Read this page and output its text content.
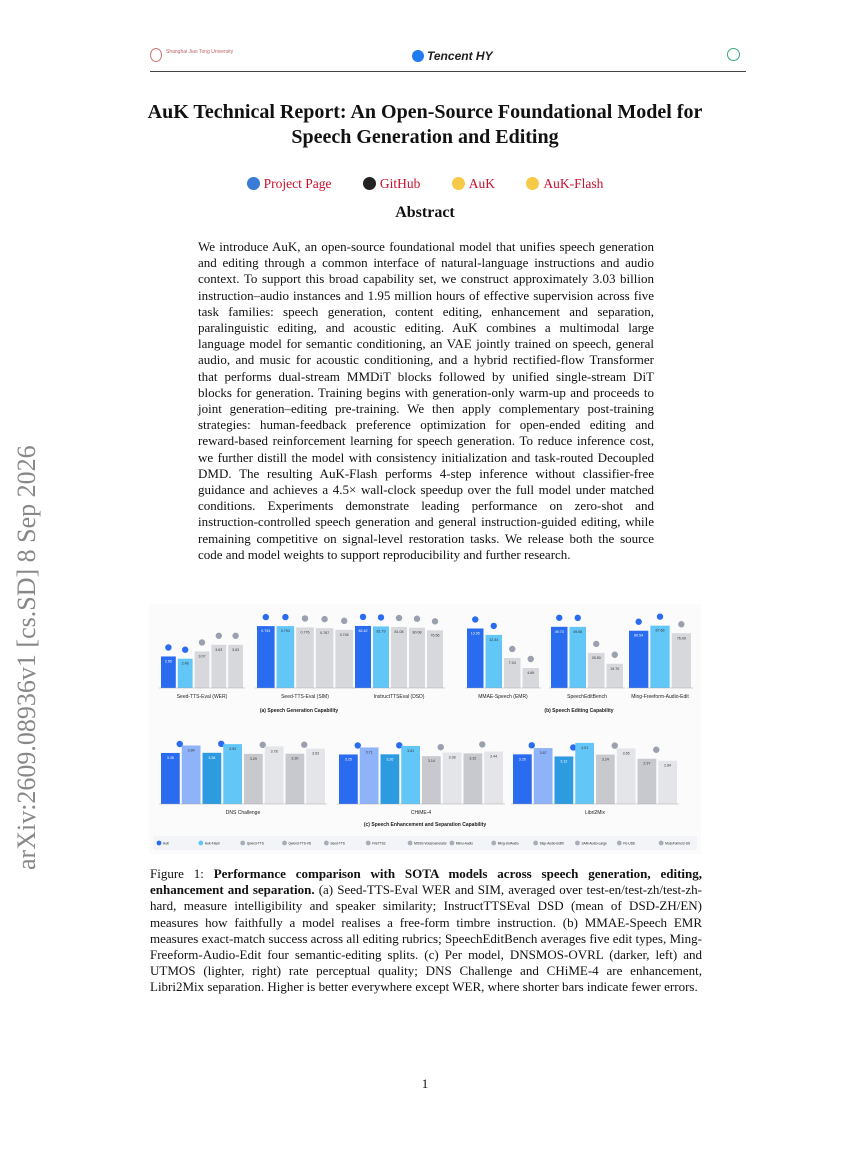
Shanghai Jiao Tong University	Tencent HY
arXiv:2609.08936v1 [cs.SD] 8 Sep 2026
AuK Technical Report: An Open-Source Foundational Model for Speech Generation and Editing
Project Page	GitHub	AuK	AuK-Flash
Abstract
We introduce AuK, an open-source foundational model that unifies speech generation and editing through a common interface of natural-language instructions and audio context. To support this broad capability set, we construct approximately 3.03 billion instruction–audio instances and 1.95 million hours of effective supervision across five task families: speech generation, content editing, enhancement and separation, paralinguistic editing, and acoustic editing. AuK combines a multimodal large language model for semantic conditioning, an VAE jointly trained on speech, general audio, and music for acoustic conditioning, and a hybrid rectified-flow Transformer that performs dual-stream MMDiT blocks followed by unified single-stream DiT blocks for generation. Training begins with generation-only warm-up and proceeds to joint generation–editing pre-training. We then apply complementary post-training strategies: human-feedback preference optimization for open-ended editing and reward-based reinforcement learning for speech generation. To reduce inference cost, we further distill the model with consistency initialization and task-routed Decoupled DMD. The resulting AuK-Flash performs 4-step inference without classifier-free guidance and achieves a 4.5× wall-clock speedup over the full model under matched conditions. Experiments demonstrate leading performance on zero-shot and instruction-controlled speech generation and general instruction-guided editing, while remaining competitive on signal-level restoration tasks. We release both the source code and model weights to support reproducibility and further research.
2.65
2.46
3.07
3.63	3.63
Seed-TTS-Eval (WER)
0.793	0.793	0.776	0.767	0.745
Seed-TTS-Eval (SIM)
82.42	81.79	81.08	80.08
76.56
InstructTTSEval (DSD)
(a) Speech Generation Capability
13.95
12.44
7.04
4.69
MMAE-Speech (EMR)
49.73	49.66
28.50
19.70
SpeechEditBench
80.54
87.66
76.99
Ming-Freeform-Audio-Edit
(b) Speech Editing Capability
3.35
3.84
3.36
3.93
3.29
3.78
3.30
3.63
DNS Challenge
3.25
3.71
3.26
3.81
3.14
3.38	3.32	3.44
CHiME-4
3.26
3.67
3.12
4.01
3.24
3.65
2.97	2.84
Libri2Mix
(c) Speech Enhancement and Separation Capability
AuK	AuK-Flash	Qwen3-TTS	Qwen3-TTS-VD	Seed-TTS	FireTTS2	MOSS-VoiceGenerator	Mimo-Audio	Ming-UniAudio	Step-Audio-EditX	SAM-Audio-Large	FE-UDE	MossFormer2-SS
Figure 1: Performance comparison with SOTA models across speech generation, editing, enhancement and separation. (a) Seed-TTS-Eval WER and SIM, averaged over test-en/test-zh/test-zh-hard, measure intelligibility and speaker similarity; InstructTTSEval DSD (mean of DSD-ZH/EN) measures how faithfully a model realises a free-form timbre instruction. (b) MMAE-Speech EMR measures exact-match success across all editing rubrics; SpeechEditBench averages five edit types, Ming-Freeform-Audio-Edit four semantic-editing splits. (c) Per model, DNSMOS-OVRL (darker, left) and UTMOS (lighter, right) rate perceptual quality; DNS Challenge and CHiME-4 are enhancement, Libri2Mix separation. Higher is better everywhere except WER, where shorter bars indicate fewer errors.
1
